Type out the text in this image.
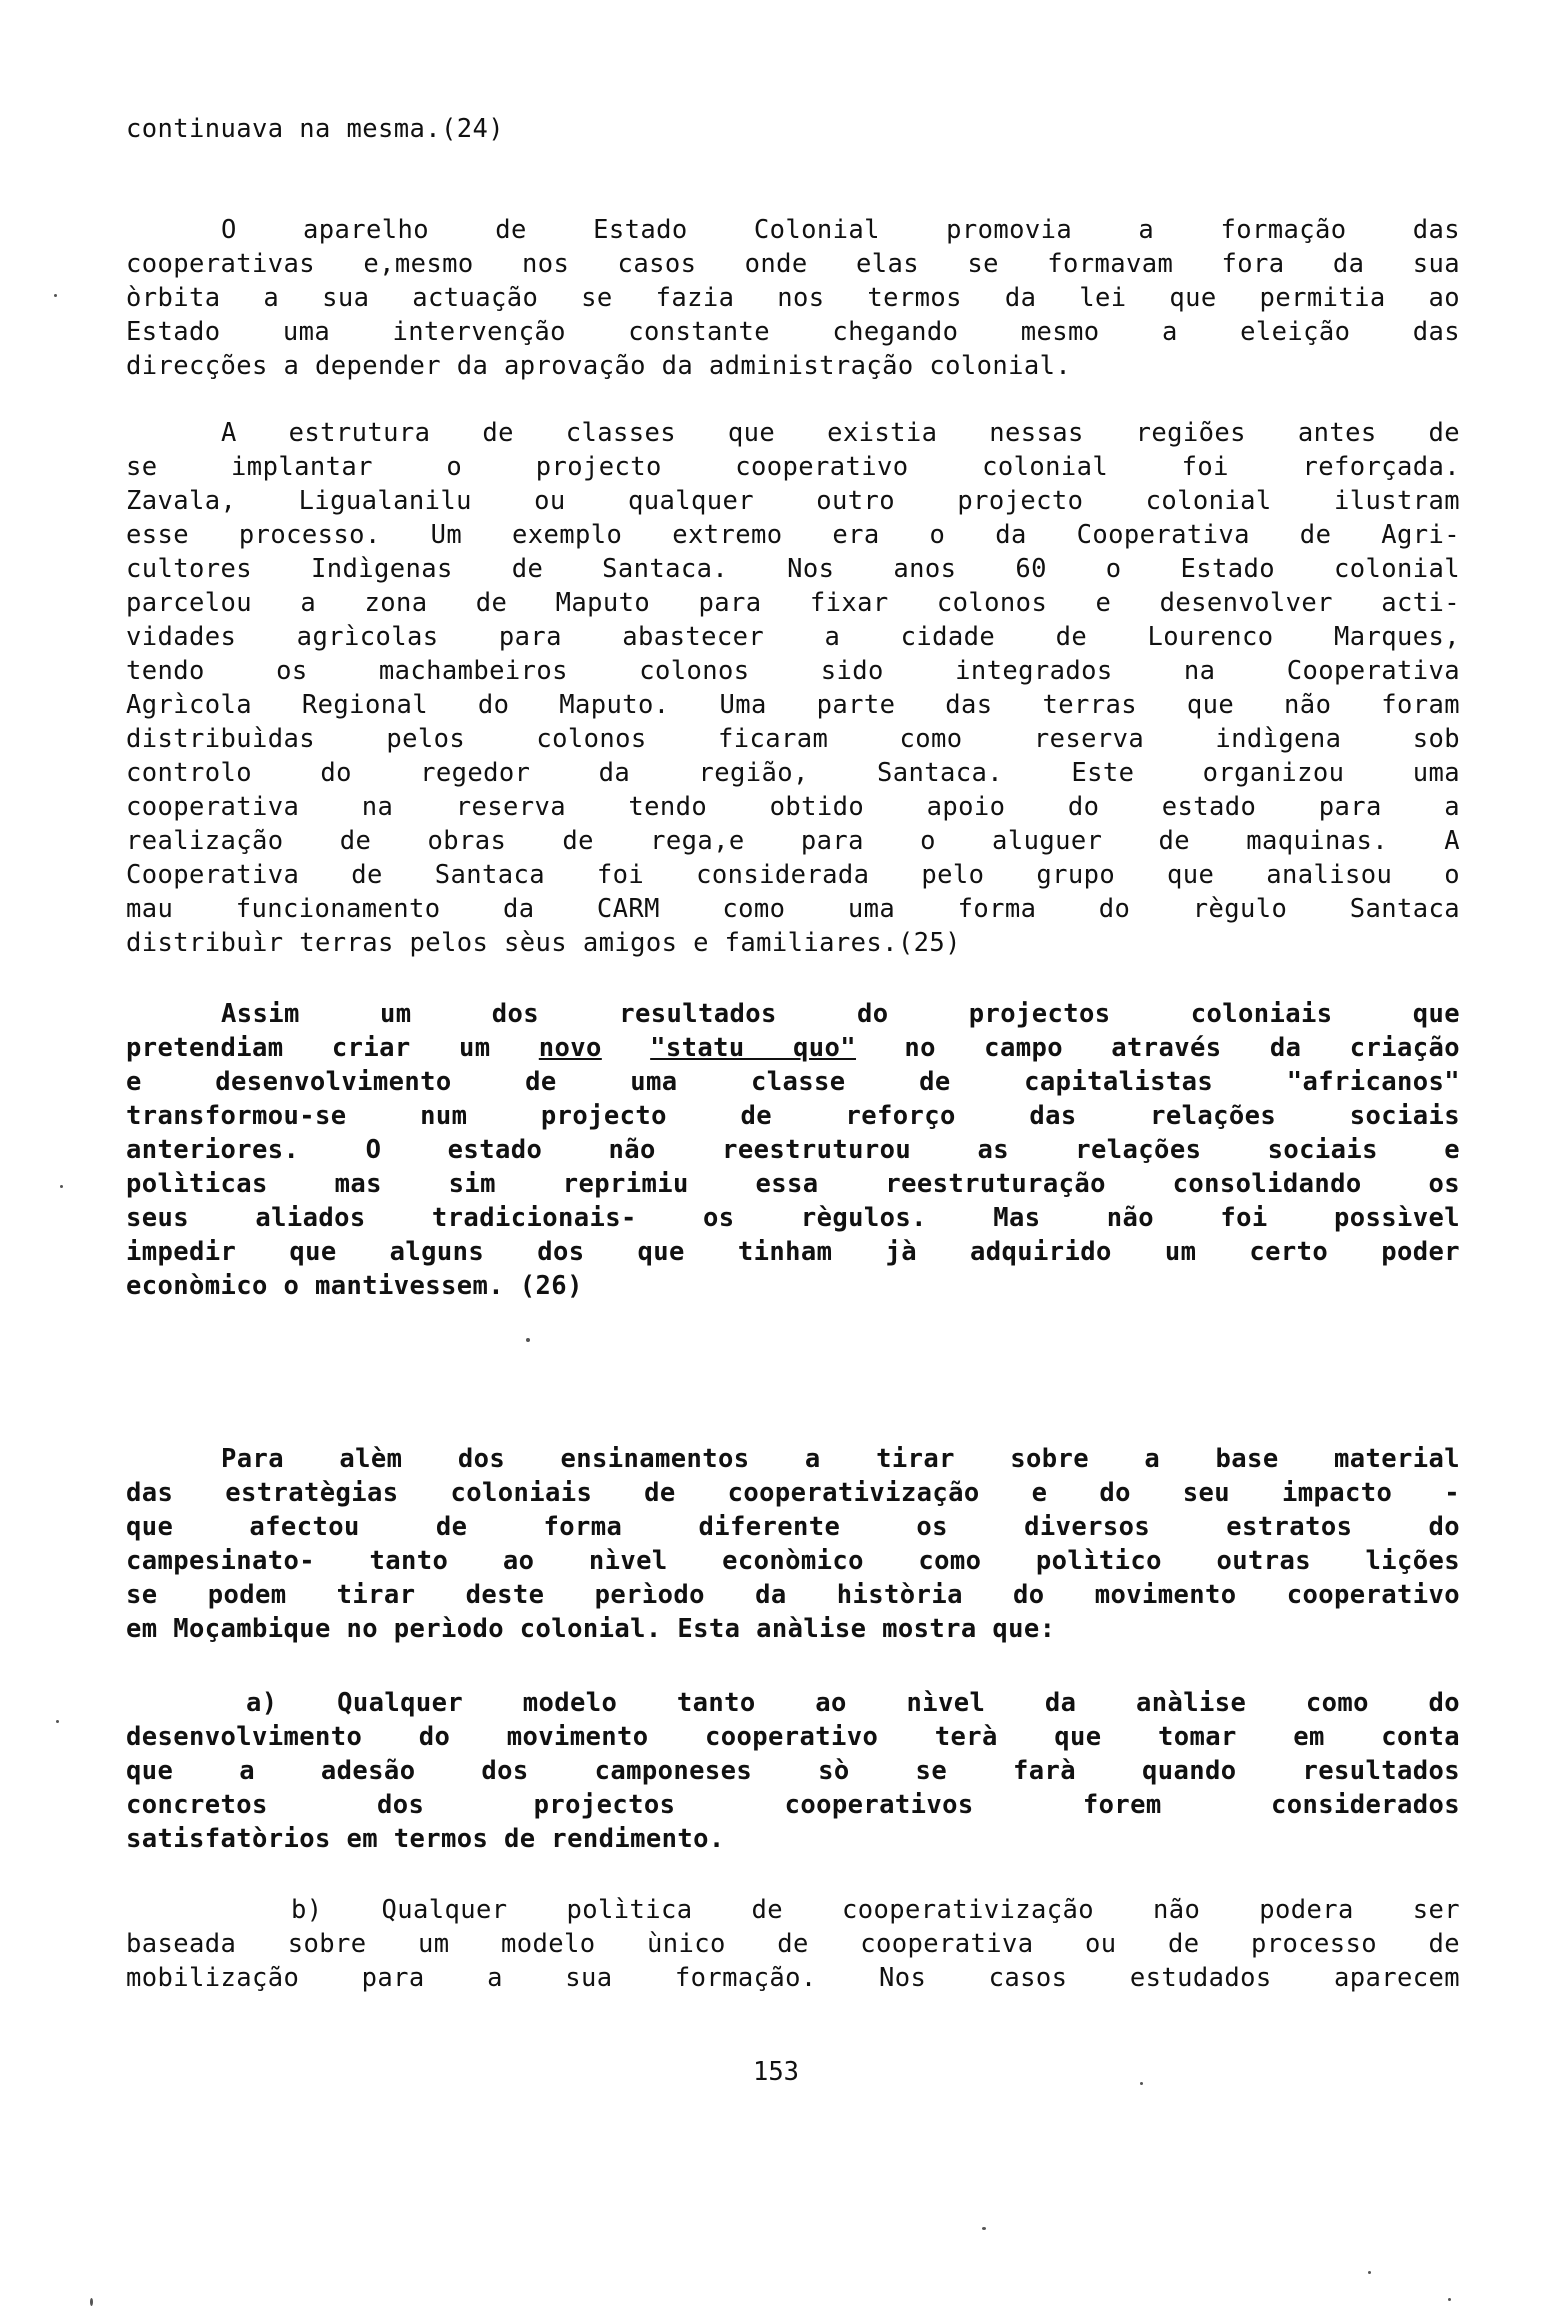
continuava na mesma.(24)
O aparelho de Estado Colonial promovia a formação das
cooperativas e,mesmo nos casos onde elas se formavam fora da sua
òrbita a sua actuação se fazia nos termos da lei que permitia ao
Estado uma intervenção constante chegando mesmo a eleição das
direcções a depender da aprovação da administração colonial.
A estrutura de classes que existia nessas regiões antes de
se implantar o projecto cooperativo colonial foi reforçada.
Zavala, Ligualanilu ou qualquer outro projecto colonial ilustram
esse processo. Um exemplo extremo era o da Cooperativa de Agri-
cultores Indìgenas de Santaca. Nos anos 60 o Estado colonial
parcelou a zona de Maputo para fixar colonos e desenvolver acti-
vidades agrìcolas para abastecer a cidade de Lourenco Marques,
tendo os machambeiros colonos sido integrados na Cooperativa
Agrìcola Regional do Maputo. Uma parte das terras que não foram
distribuìdas pelos colonos ficaram como reserva indìgena sob
controlo do regedor da região, Santaca. Este organizou uma
cooperativa na reserva tendo obtido apoio do estado para a
realização de obras de rega,e para o aluguer de maquinas. A
Cooperativa de Santaca foi considerada pelo grupo que analisou o
mau funcionamento da CARM como uma forma do règulo Santaca
distribuìr terras pelos sèus amigos e familiares.(25)
Assim um dos resultados do projectos coloniais que
pretendiam criar um novo "statu quo" no campo através da criação
e desenvolvimento de uma classe de capitalistas "africanos"
transformou-se num projecto de reforço das relações sociais
anteriores. O estado não reestruturou as relações sociais e
polìticas mas sim reprimiu essa reestruturação consolidando os
seus aliados tradicionais- os règulos. Mas não foi possìvel
impedir que alguns dos que tinham jà adquirido um certo poder
econòmico o mantivessem. (26)
Para alèm dos ensinamentos a tirar sobre a base material
das estratègias coloniais de cooperativização e do seu impacto -
que afectou de forma diferente os diversos estratos do
campesinato- tanto ao nìvel econòmico como polìtico outras lições
se podem tirar deste perìodo da història do movimento cooperativo
em Moçambique no perìodo colonial. Esta anàlise mostra que:
a) Qualquer modelo tanto ao nìvel da anàlise como do
desenvolvimento do movimento cooperativo terà que tomar em conta
que a adesão dos camponeses sò se farà quando resultados
concretos dos projectos cooperativos forem considerados
satisfatòrios em termos de rendimento.
b) Qualquer polìtica de cooperativização não podera ser
baseada sobre um modelo ùnico de cooperativa ou de processo de
mobilização para a sua formação. Nos casos estudados aparecem
153
